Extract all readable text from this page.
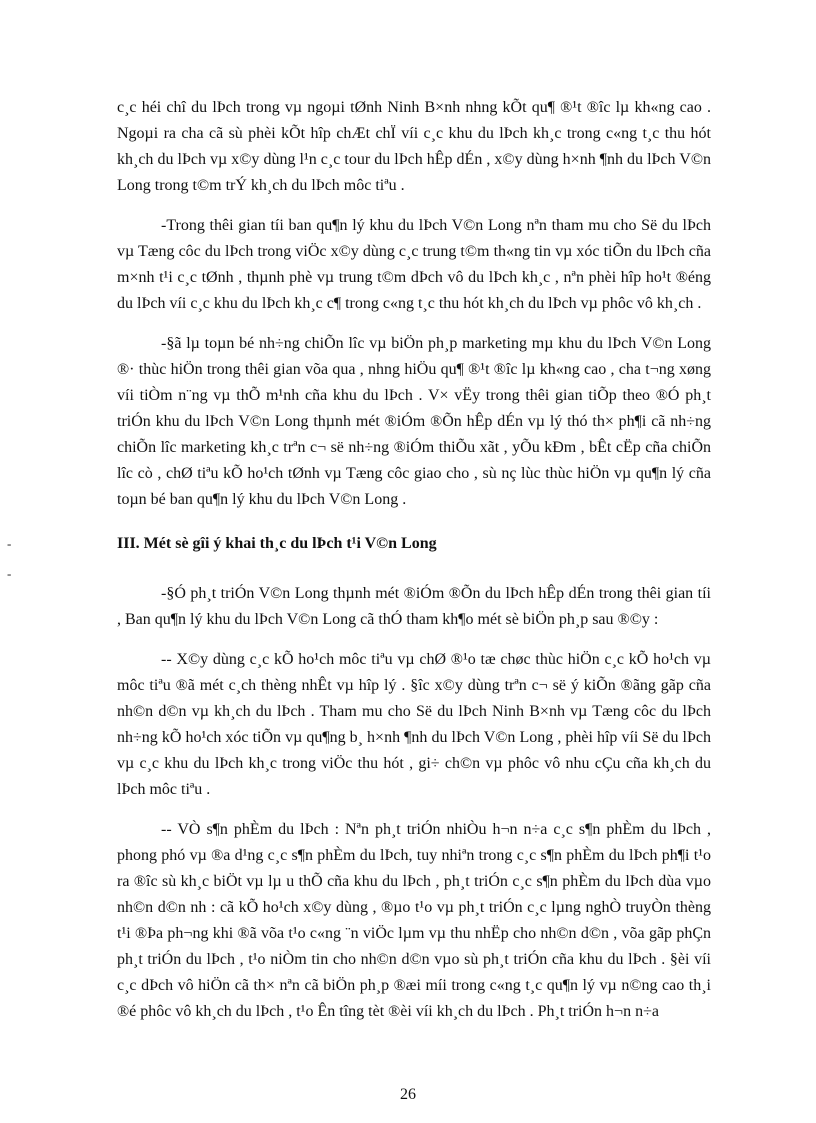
-
-

c¸c héi chî du lÞch trong vµ ngoµi tØnh Ninh B×nh nhng kÕt qu¶ ®¹t ®îc lµ kh«ng cao . Ngoµi ra cha cã sù phèi kÕt hîp chÆt chÏ víi c¸c khu du lÞch kh¸c trong c«ng t¸c thu hót kh¸ch du lÞch vµ x©y dùng l¹n c¸c tour du lÞch hÊp dÉn , x©y dùng h×nh ¶nh du lÞch V©n Long trong t©m trÝ kh¸ch du lÞch môc tiªu .

-Trong thêi gian tíi ban qu¶n lý khu du lÞch V©n Long nªn tham mu cho Së du lÞch vµ Tæng côc du lÞch trong viÖc x©y dùng c¸c trung t©m th«ng tin vµ xóc tiÕn du lÞch cña m×nh t¹i c¸c tØnh , thµnh phè vµ trung t©m dÞch vô du lÞch kh¸c , nªn phèi hîp ho¹t ®éng du lÞch víi c¸c khu du lÞch kh¸c c¶ trong c«ng t¸c thu hót kh¸ch du lÞch vµ phôc vô kh¸ch .

-§ã lµ toµn bé nh÷ng chiÕn lîc vµ biÖn ph¸p marketing mµ khu du lÞch V©n Long ®· thùc hiÖn trong thêi gian võa qua , nhng hiÖu qu¶ ®¹t ®îc lµ kh«ng cao , cha t¬ng xøng víi tiÒm n¨ng vµ thÕ m¹nh cña khu du lÞch . V× vËy trong thêi gian tiÕp theo ®Ó ph¸t triÓn khu du lÞch V©n Long thµnh mét ®iÓm ®Õn hÊp dÉn vµ lý thó th× ph¶i cã nh÷ng chiÕn lîc marketing kh¸c trªn c¬ së nh÷ng ®iÓm thiÕu xãt , yÕu kÐm , bÊt cËp cña chiÕn lîc cò , chØ tiªu kÕ ho¹ch tØnh vµ Tæng côc giao cho , sù nç lùc thùc hiÖn vµ qu¶n lý cña toµn bé ban qu¶n lý khu du lÞch V©n Long .

III. Mét sè gîi ý khai th¸c du lÞch t¹i V©n Long

-§Ó ph¸t triÓn V©n Long thµnh mét ®iÓm ®Õn du lÞch hÊp dÉn trong thêi gian tíi , Ban qu¶n lý khu du lÞch V©n Long cã thÓ tham kh¶o mét sè biÖn ph¸p sau ®©y :

-- X©y dùng c¸c kÕ ho¹ch môc tiªu vµ chØ ®¹o tæ chøc thùc hiÖn c¸c kÕ ho¹ch vµ môc tiªu ®ã mét c¸ch thèng nhÊt vµ hîp lý . §îc x©y dùng trªn c¬ së ý kiÕn ®ãng gãp cña nh©n d©n vµ kh¸ch du lÞch . Tham mu cho Së du lÞch Ninh B×nh vµ Tæng côc du lÞch nh÷ng kÕ ho¹ch xóc tiÕn vµ qu¶ng b¸ h×nh ¶nh du lÞch V©n Long , phèi hîp víi Së du lÞch vµ c¸c khu du lÞch kh¸c trong viÖc thu hót , gi÷ ch©n vµ phôc vô nhu cÇu cña kh¸ch du lÞch môc tiªu .

-- VÒ s¶n phÈm du lÞch : Nªn ph¸t triÓn nhiÒu h¬n n÷a c¸c s¶n phÈm du lÞch , phong phó vµ ®a d¹ng c¸c s¶n phÈm du lÞch, tuy nhiªn trong c¸c s¶n phÈm du lÞch ph¶i t¹o ra ®îc sù kh¸c biÖt vµ lµ u thÕ cña khu du lÞch , ph¸t triÓn c¸c s¶n phÈm du lÞch dùa vµo nh©n d©n nh : cã kÕ ho¹ch x©y dùng , ®µo t¹o vµ ph¸t triÓn c¸c lµng nghÒ truyÒn thèng t¹i ®Þa ph¬ng khi ®ã võa t¹o c«ng ¨n viÖc lµm vµ thu nhËp cho nh©n d©n , võa gãp phÇn ph¸t triÓn du lÞch , t¹o niÒm tin cho nh©n d©n vµo sù ph¸t triÓn cña khu du lÞch . §èi víi c¸c dÞch vô hiÖn cã th× nªn cã biÖn ph¸p ®æi míi trong c«ng t¸c qu¶n lý vµ n©ng cao th¸i ®é phôc vô kh¸ch du lÞch , t¹o Ên tîng tèt ®èi víi kh¸ch du lÞch . Ph¸t triÓn h¬n n÷a

26
